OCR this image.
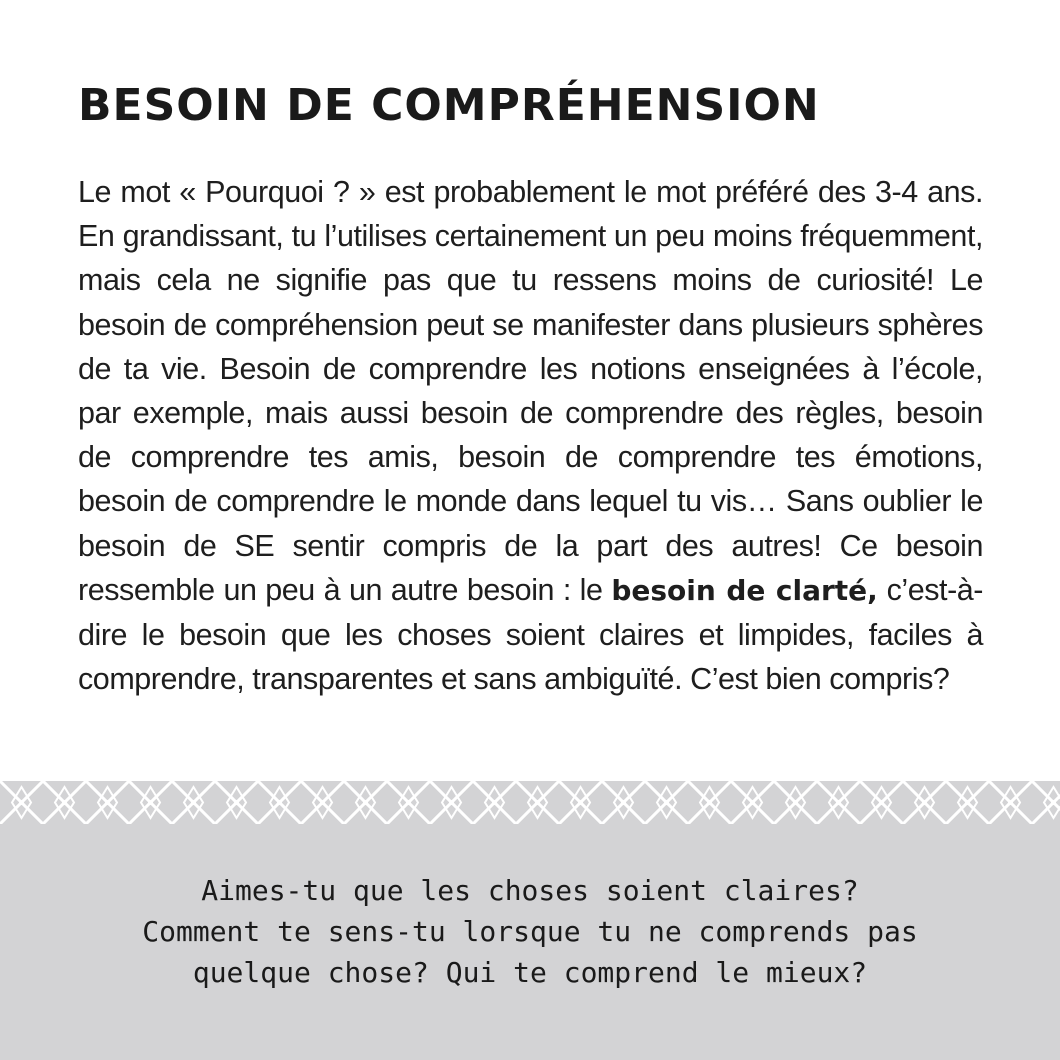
BESOIN DE COMPRÉHENSION

Le mot « Pourquoi ? » est probablement le mot préféré des 3-4 ans. En grandissant, tu l’utilises certainement un peu moins fréquemment, mais cela ne signifie pas que tu ressens moins de curiosité! Le besoin de compréhension peut se manifester dans plusieurs sphères de ta vie. Besoin de comprendre les notions enseignées à l’école, par exemple, mais aussi besoin de comprendre des règles, besoin de comprendre tes amis, besoin de comprendre tes émotions, besoin de comprendre le monde dans lequel tu vis… Sans oublier le besoin de SE sentir compris de la part des autres! Ce besoin ressemble un peu à un autre besoin : le besoin de clarté, c’est-à-dire le besoin que les choses soient claires et limpides, faciles à comprendre, transparentes et sans ambiguïté. C’est bien compris?

Aimes-tu que les choses soient claires?
Comment te sens-tu lorsque tu ne comprends pas
quelque chose? Qui te comprend le mieux?
